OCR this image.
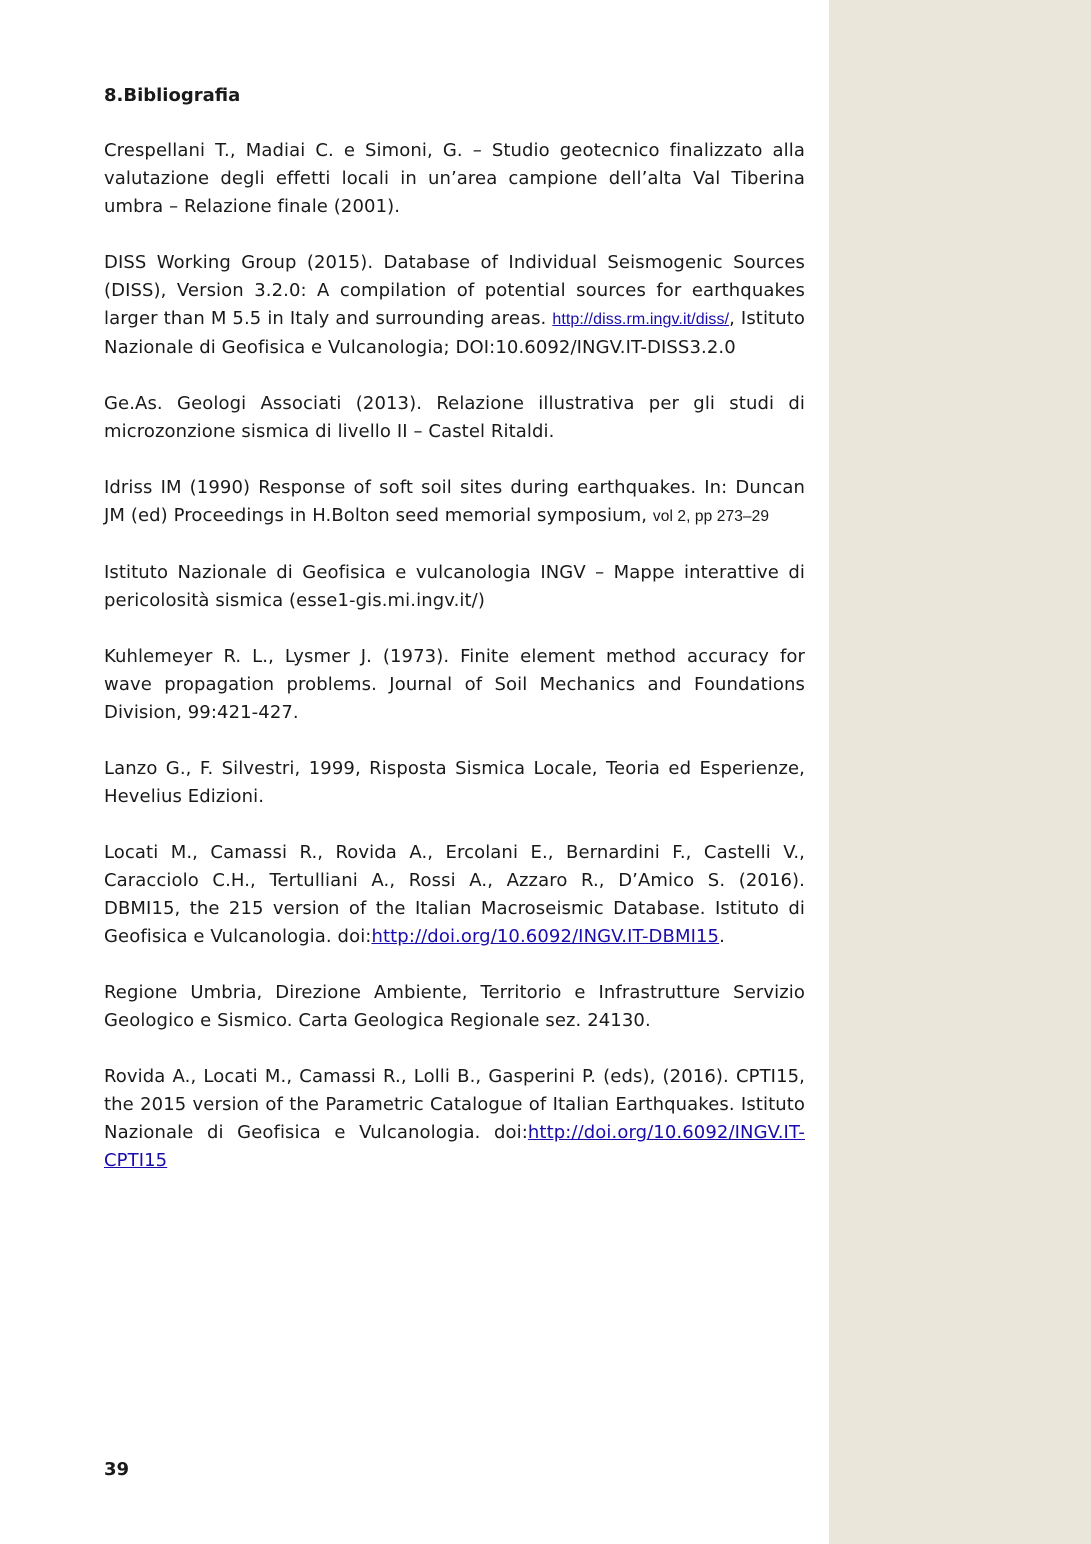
8.Bibliografia

Crespellani T., Madiai C. e Simoni, G. – Studio geotecnico finalizzato alla valutazione degli effetti locali in un’area campione dell’alta Val Tiberina umbra – Relazione finale (2001).

DISS Working Group (2015). Database of Individual Seismogenic Sources (DISS), Version 3.2.0: A compilation of potential sources for earthquakes larger than M 5.5 in Italy and surrounding areas. http://diss.rm.ingv.it/diss/, Istituto Nazionale di Geofisica e Vulcanologia; DOI:10.6092/INGV.IT-DISS3.2.0

Ge.As. Geologi Associati (2013). Relazione illustrativa per gli studi di microzonzione sismica di livello II – Castel Ritaldi.

Idriss IM (1990) Response of soft soil sites during earthquakes. In: Duncan JM (ed) Proceedings in H.Bolton seed memorial symposium, vol 2, pp 273–29

Istituto Nazionale di Geofisica e vulcanologia INGV – Mappe interattive di pericolosità sismica (esse1-gis.mi.ingv.it/)

Kuhlemeyer R. L., Lysmer J. (1973). Finite element method accuracy for wave propagation problems. Journal of Soil Mechanics and Foundations Division, 99:421-427.

Lanzo G., F. Silvestri, 1999, Risposta Sismica Locale, Teoria ed Esperienze, Hevelius Edizioni.

Locati M., Camassi R., Rovida A., Ercolani E., Bernardini F., Castelli V., Caracciolo C.H., Tertulliani A., Rossi A., Azzaro R., D’Amico S. (2016). DBMI15, the 215 version of the Italian Macroseismic Database. Istituto di Geofisica e Vulcanologia. doi:http://doi.org/10.6092/INGV.IT-DBMI15.

Regione Umbria, Direzione Ambiente, Territorio e Infrastrutture Servizio Geologico e Sismico. Carta Geologica Regionale sez. 24130.

Rovida A., Locati M., Camassi R., Lolli B., Gasperini P. (eds), (2016). CPTI15, the 2015 version of the Parametric Catalogue of Italian Earthquakes. Istituto Nazionale di Geofisica e Vulcanologia. doi:http://doi.org/10.6092/INGV.IT-CPTI15

39
